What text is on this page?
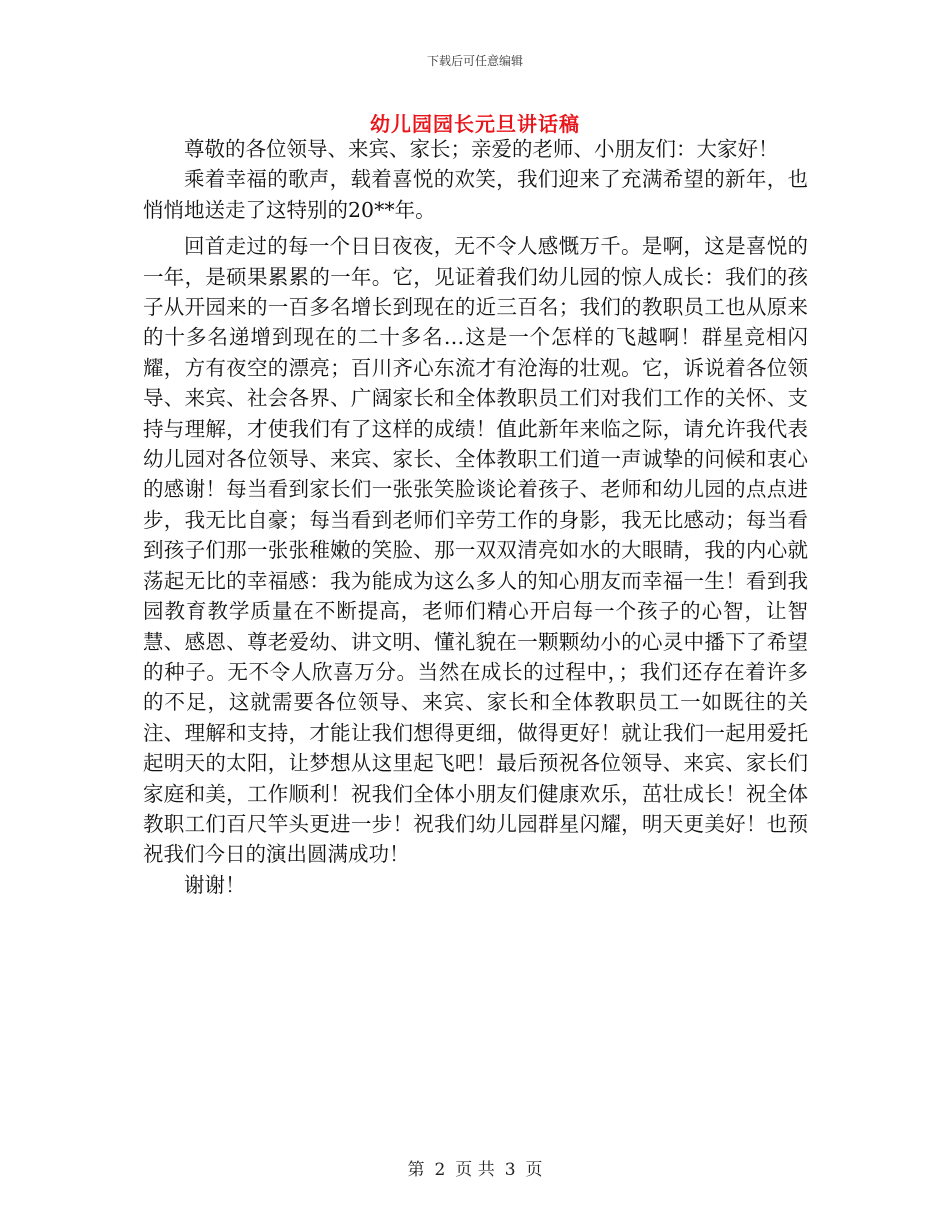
下载后可任意编辑
幼儿园园长元旦讲话稿

尊敬的各位领导、来宾、家长；亲爱的老师、小朋友们：大家好！

乘着幸福的歌声，载着喜悦的欢笑，我们迎来了充满希望的新年，也悄悄地送走了这特别的20**年。

回首走过的每一个日日夜夜，无不令人感慨万千。是啊，这是喜悦的一年，是硕果累累的一年。它，见证着我们幼儿园的惊人成长：我们的孩子从开园来的一百多名增长到现在的近三百名；我们的教职员工也从原来的十多名递增到现在的二十多名…这是一个怎样的飞越啊！群星竞相闪耀，方有夜空的漂亮；百川齐心东流才有沧海的壮观。它，诉说着各位领导、来宾、社会各界、广阔家长和全体教职员工们对我们工作的关怀、支持与理解，才使我们有了这样的成绩！值此新年来临之际，请允许我代表幼儿园对各位领导、来宾、家长、全体教职工们道一声诚挚的问候和衷心的感谢！每当看到家长们一张张笑脸谈论着孩子、老师和幼儿园的点点进步，我无比自豪；每当看到老师们辛劳工作的身影，我无比感动；每当看到孩子们那一张张稚嫩的笑脸、那一双双清亮如水的大眼睛，我的内心就荡起无比的幸福感：我为能成为这么多人的知心朋友而幸福一生！看到我园教育教学质量在不断提高，老师们精心开启每一个孩子的心智，让智慧、感恩、尊老爱幼、讲文明、懂礼貌在一颗颗幼小的心灵中播下了希望的种子。无不令人欣喜万分。当然在成长的过程中，；我们还存在着许多的不足，这就需要各位领导、来宾、家长和全体教职员工一如既往的关注、理解和支持，才能让我们想得更细，做得更好！就让我们一起用爱托起明天的太阳，让梦想从这里起飞吧！最后预祝各位领导、来宾、家长们家庭和美，工作顺利！祝我们全体小朋友们健康欢乐，茁壮成长！祝全体教职工们百尺竿头更进一步！祝我们幼儿园群星闪耀，明天更美好！也预祝我们今日的演出圆满成功！

谢谢！

第 2 页 共 3 页
